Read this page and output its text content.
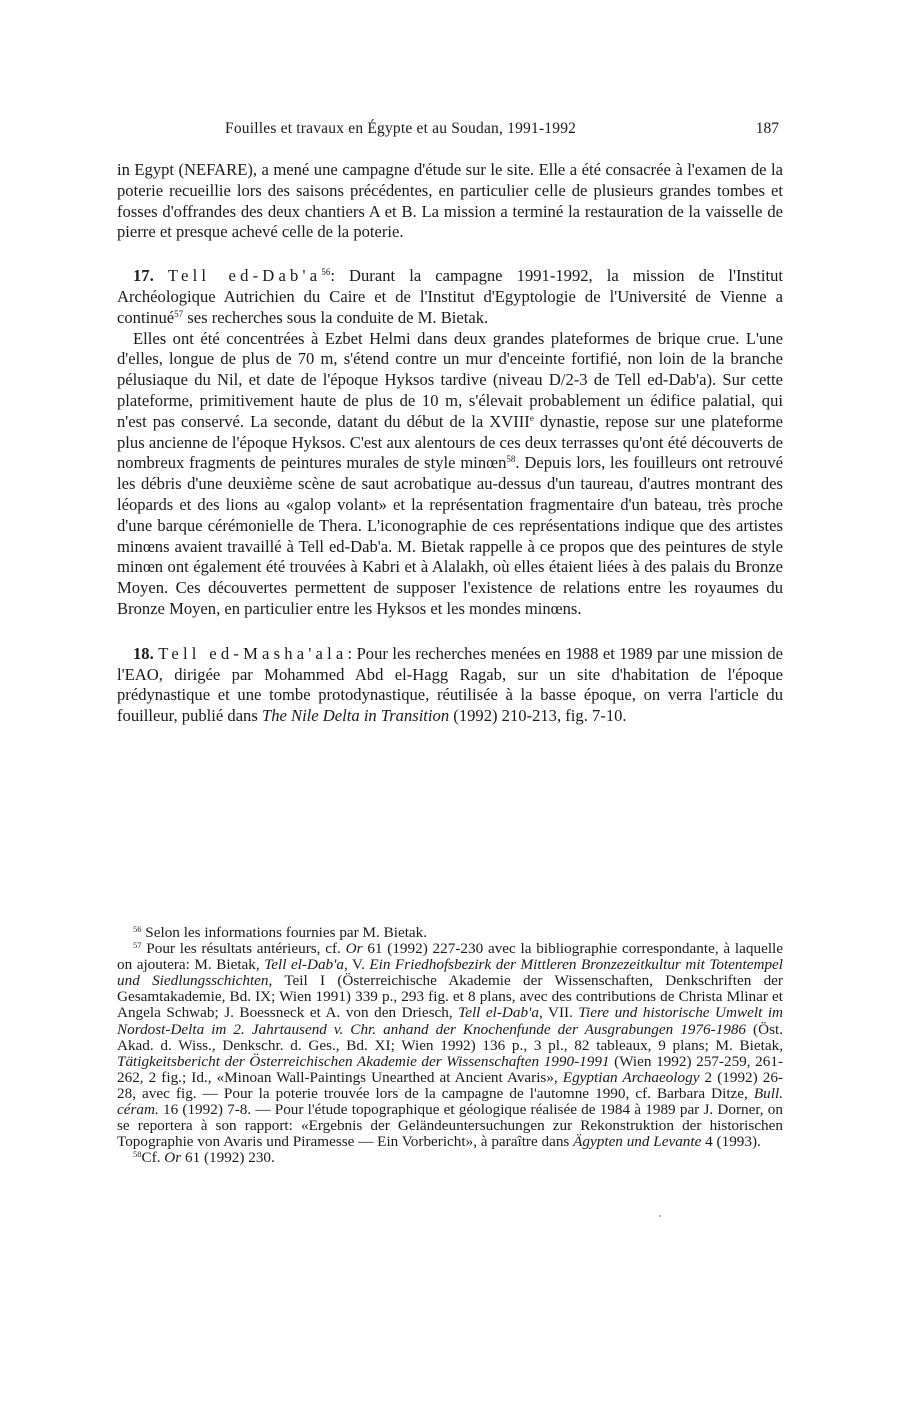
Fouilles et travaux en Égypte et au Soudan, 1991-1992	187

in Egypt (NEFARE), a mené une campagne d'étude sur le site. Elle a été consacrée à l'examen de la poterie recueillie lors des saisons précédentes, en particulier celle de plusieurs grandes tombes et fosses d'offrandes des deux chantiers A et B. La mission a terminé la restauration de la vaisselle de pierre et presque achevé celle de la poterie.

17. Tell $ed-Dab'a^{56}$: Durant la campagne 1991-1992, la mission de l'Institut Archéologique Autrichien du Caire et de l'Institut d'Egyptologie de l'Université de Vienne a continué$^{57}$ ses recherches sous la conduite de M. Bietak.

Elles ont été concentrées à Ezbet Helmi dans deux grandes plateformes de brique crue. L'une d'elles, longue de plus de 70 m, s'étend contre un mur d'enceinte fortifié, non loin de la branche pélusiaque du Nil, et date de l'époque Hyksos tardive (niveau D/2-3 de Tell ed-Dab'a). Sur cette plateforme, primitivement haute de plus de 10 m, s'élevait probablement un édifice palatial, qui n'est pas conservé. La seconde, datant du début de la XVIIIe dynastie, repose sur une plateforme plus ancienne de l'époque Hyksos. C'est aux alentours de ces deux terrasses qu'ont été découverts de nombreux fragments de peintures murales de style minœn$^{58}$. Depuis lors, les fouilleurs ont retrouvé les débris d'une deuxième scène de saut acrobatique au-dessus d'un taureau, d'autres montrant des léopards et des lions au «galop volant» et la représentation fragmentaire d'un bateau, très proche d'une barque cérémonielle de Thera. L'iconographie de ces représentations indique que des artistes minœns avaient travaillé à Tell ed-Dab'a. M. Bietak rappelle à ce propos que des peintures de style minœn ont également été trouvées à Kabri et à Alalakh, où elles étaient liées à des palais du Bronze Moyen. Ces découvertes permettent de supposer l'existence de relations entre les royaumes du Bronze Moyen, en particulier entre les Hyksos et les mondes minœns.

18. Tell ed-Masha'ala: Pour les recherches menées en 1988 et 1989 par une mission de l'EAO, dirigée par Mohammed Abd el-Hagg Ragab, sur un site d'habitation de l'époque prédynastique et une tombe protodynastique, réutilisée à la basse époque, on verra l'article du fouilleur, publié dans The Nile Delta in Transition (1992) 210-213, fig. 7-10.

$^{56}$ Selon les informations fournies par M. Bietak.

$^{57}$ Pour les résultats antérieurs, cf. Or 61 (1992) 227-230 avec la bibliographie correspondante, à laquelle on ajoutera: M. Bietak, Tell el-Dab'a, V. Ein Friedhofsbezirk der Mittleren Bronzezeitkultur mit Totentempel und Siedlungsschichten, Teil I (Österreichische Akademie der Wissenschaften, Denkschriften der Gesamtakademie, Bd. IX; Wien 1991) 339 p., 293 fig. et 8 plans, avec des contributions de Christa Mlinar et Angela Schwab; J. Boessneck et A. von den Driesch, Tell el-Dab'a, VII. Tiere und historische Umwelt im Nordost-Delta im 2. Jahrtausend v. Chr. anhand der Knochenfunde der Ausgrabungen 1976-1986 (Öst. Akad. d. Wiss., Denkschr. d. Ges., Bd. XI; Wien 1992) 136 p., 3 pl., 82 tableaux, 9 plans; M. Bietak, Tätigkeitsbericht der Österreichischen Akademie der Wissenschaften 1990-1991 (Wien 1992) 257-259, 261-262, 2 fig.; Id., «Minoan Wall-Paintings Unearthed at Ancient Avaris», Egyptian Archaeology 2 (1992) 26-28, avec fig. — Pour la poterie trouvée lors de la campagne de l'automne 1990, cf. Barbara Ditze, Bull. céram. 16 (1992) 7-8. — Pour l'étude topographique et géologique réalisée de 1984 à 1989 par J. Dorner, on se reportera à son rapport: «Ergebnis der Geländeuntersuchungen zur Rekonstruktion der historischen Topographie von Avaris und Piramesse — Ein Vorbericht», à paraître dans Ägypten und Levante 4 (1993).

$^{58}$Cf. Or 61 (1992) 230.
